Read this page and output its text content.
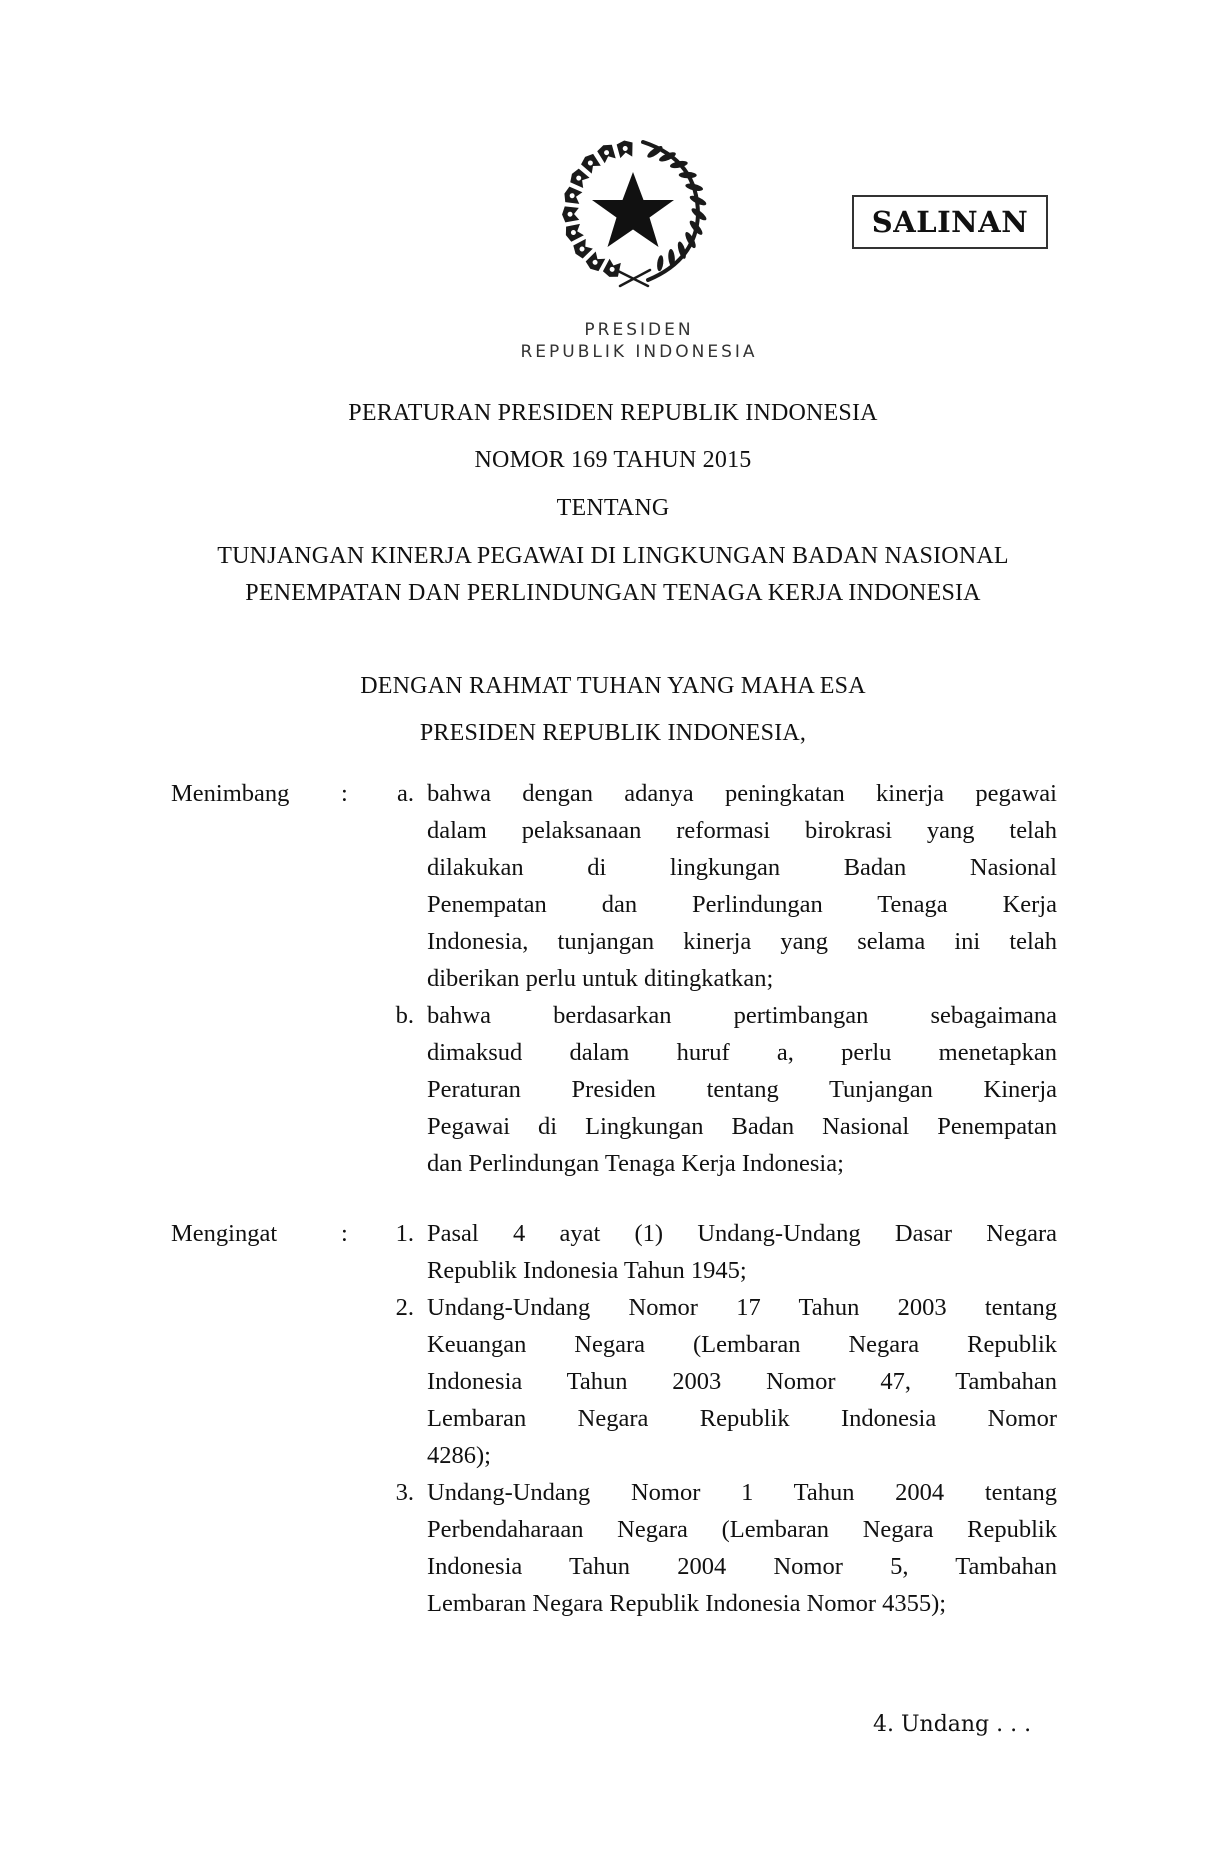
SALINAN
PRESIDEN
REPUBLIK INDONESIA
PERATURAN PRESIDEN REPUBLIK INDONESIA
NOMOR 169 TAHUN 2015
TENTANG
TUNJANGAN KINERJA PEGAWAI DI LINGKUNGAN BADAN NASIONAL
PENEMPATAN DAN PERLINDUNGAN TENAGA KERJA INDONESIA
DENGAN RAHMAT TUHAN YANG MAHA ESA
PRESIDEN REPUBLIK INDONESIA,
Menimbang :	a. bahwa dengan adanya peningkatan kinerja pegawai
dalam pelaksanaan reformasi birokrasi yang telah
dilakukan di lingkungan Badan Nasional
Penempatan dan Perlindungan Tenaga Kerja
Indonesia, tunjangan kinerja yang selama ini telah
diberikan perlu untuk ditingkatkan;
b. bahwa berdasarkan pertimbangan sebagaimana
dimaksud dalam huruf a, perlu menetapkan
Peraturan Presiden tentang Tunjangan Kinerja
Pegawai di Lingkungan Badan Nasional Penempatan
dan Perlindungan Tenaga Kerja Indonesia;
Mengingat	:	1. Pasal 4 ayat (1) Undang-Undang Dasar Negara
Republik Indonesia Tahun 1945;
2. Undang-Undang Nomor 17 Tahun 2003 tentang
Keuangan Negara (Lembaran Negara Republik
Indonesia Tahun 2003 Nomor 47, Tambahan
Lembaran Negara Republik Indonesia Nomor
4286);
3. Undang-Undang Nomor 1 Tahun 2004 tentang
Perbendaharaan Negara (Lembaran Negara Republik
Indonesia Tahun 2004 Nomor 5, Tambahan
Lembaran Negara Republik Indonesia Nomor 4355);
4. Undang . . .
